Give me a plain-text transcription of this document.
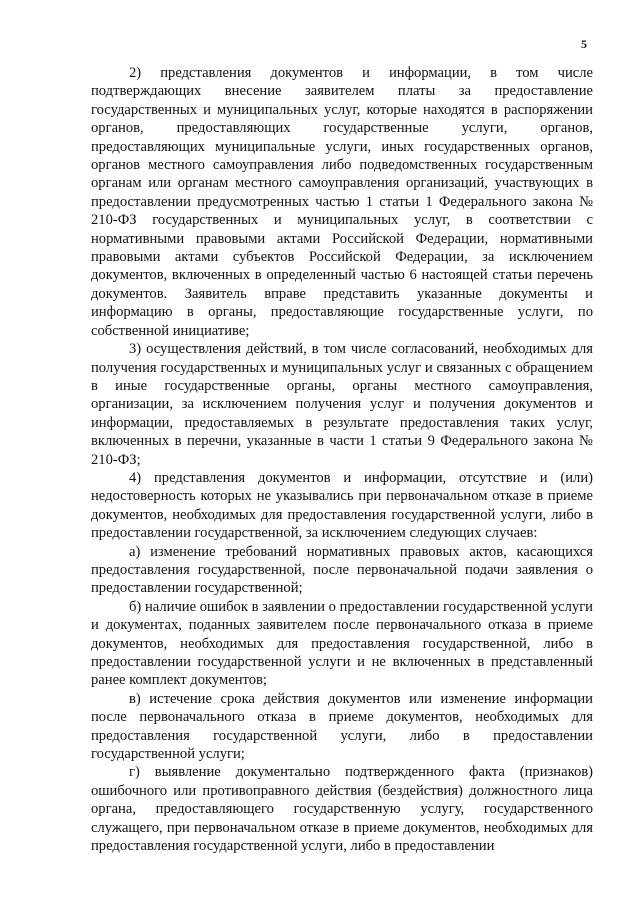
5

2) представления документов и информации, в том числе подтверждающих внесение заявителем платы за предоставление государственных и муниципальных услуг, которые находятся в распоряжении органов, предоставляющих государственные услуги, органов, предоставляющих муниципальные услуги, иных государственных органов, органов местного самоуправления либо подведомственных государственным органам или органам местного самоуправления организаций, участвующих в предоставлении предусмотренных частью 1 статьи 1 Федерального закона № 210-ФЗ государственных и муниципальных услуг, в соответствии с нормативными правовыми актами Российской Федерации, нормативными правовыми актами субъектов Российской Федерации, за исключением документов, включенных в определенный частью 6 настоящей статьи перечень документов. Заявитель вправе представить указанные документы и информацию в органы, предоставляющие государственные услуги, по собственной инициативе;

3) осуществления действий, в том числе согласований, необходимых для получения государственных и муниципальных услуг и связанных с обращением в иные государственные органы, органы местного самоуправления, организации, за исключением получения услуг и получения документов и информации, предоставляемых в результате предоставления таких услуг, включенных в перечни, указанные в части 1 статьи 9 Федерального закона № 210-ФЗ;

4) представления документов и информации, отсутствие и (или) недостоверность которых не указывались при первоначальном отказе в приеме документов, необходимых для предоставления государственной услуги, либо в предоставлении государственной, за исключением следующих случаев:

а) изменение требований нормативных правовых актов, касающихся предоставления государственной, после первоначальной подачи заявления о предоставлении государственной;

б) наличие ошибок в заявлении о предоставлении государственной услуги и документах, поданных заявителем после первоначального отказа в приеме документов, необходимых для предоставления государственной, либо в предоставлении государственной услуги и не включенных в представленный ранее комплект документов;

в) истечение срока действия документов или изменение информации после первоначального отказа в приеме документов, необходимых для предоставления государственной услуги, либо в предоставлении государственной услуги;

г) выявление документально подтвержденного факта (признаков) ошибочного или противоправного действия (бездействия) должностного лица органа, предоставляющего государственную услугу, государственного служащего, при первоначальном отказе в приеме документов, необходимых для предоставления государственной услуги, либо в предоставлении
